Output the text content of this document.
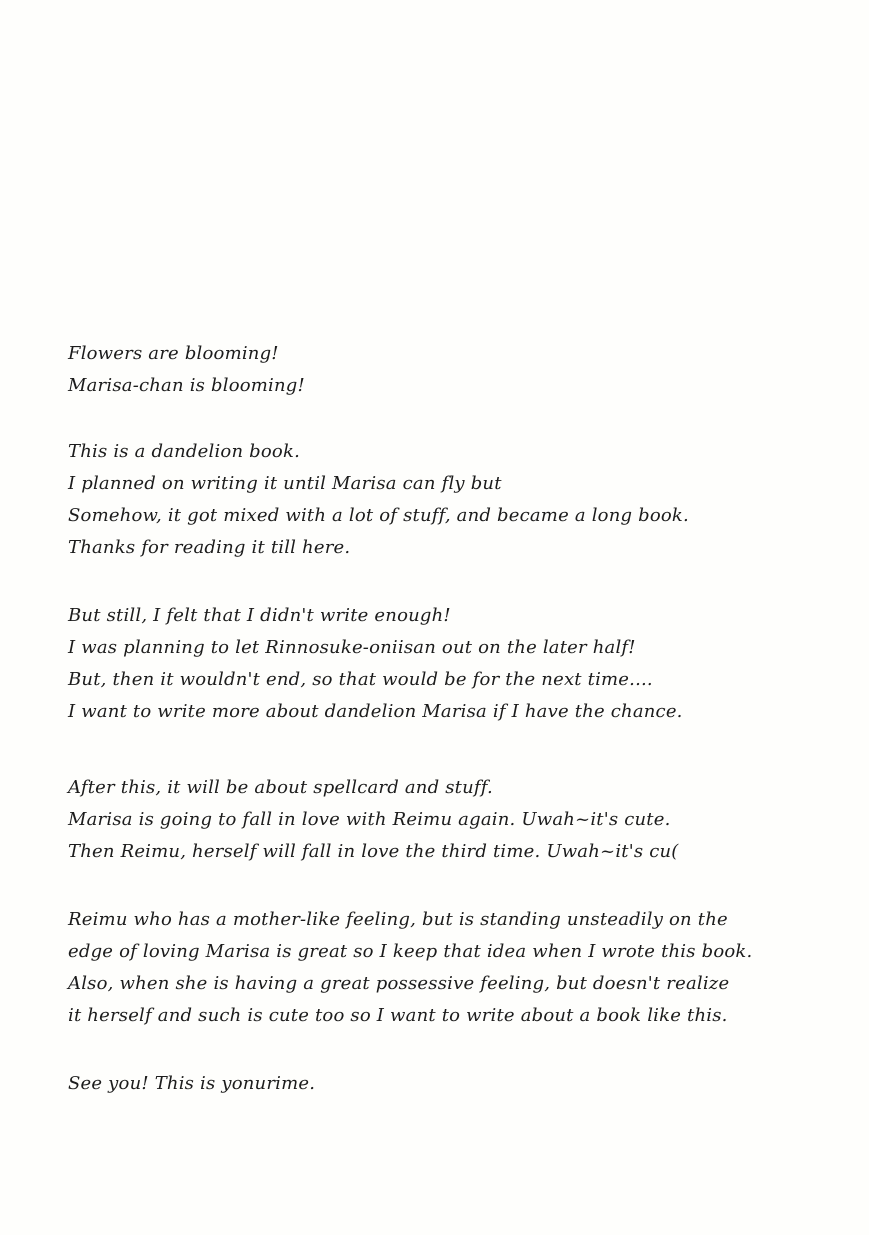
Flowers are blooming!
Marisa-chan is blooming!
This is a dandelion book.
I planned on writing it until Marisa can fly but
Somehow, it got mixed with a lot of stuff, and became a long book.
Thanks for reading it till here.
But still, I felt that I didn't write enough!
I was planning to let Rinnosuke-oniisan out on the later half!
But, then it wouldn't end, so that would be for the next time....
I want to write more about dandelion Marisa if I have the chance.
After this, it will be about spellcard and stuff.
Marisa is going to fall in love with Reimu again. Uwah~it's cute.
Then Reimu, herself will fall in love the third time. Uwah~it's cu(
Reimu who has a mother-like feeling, but is standing unsteadily on the
edge of loving Marisa is great so I keep that idea when I wrote this book.
Also, when she is having a great possessive feeling, but doesn't realize
it herself and such is cute too so I want to write about a book like this.
See you! This is yonurime.
